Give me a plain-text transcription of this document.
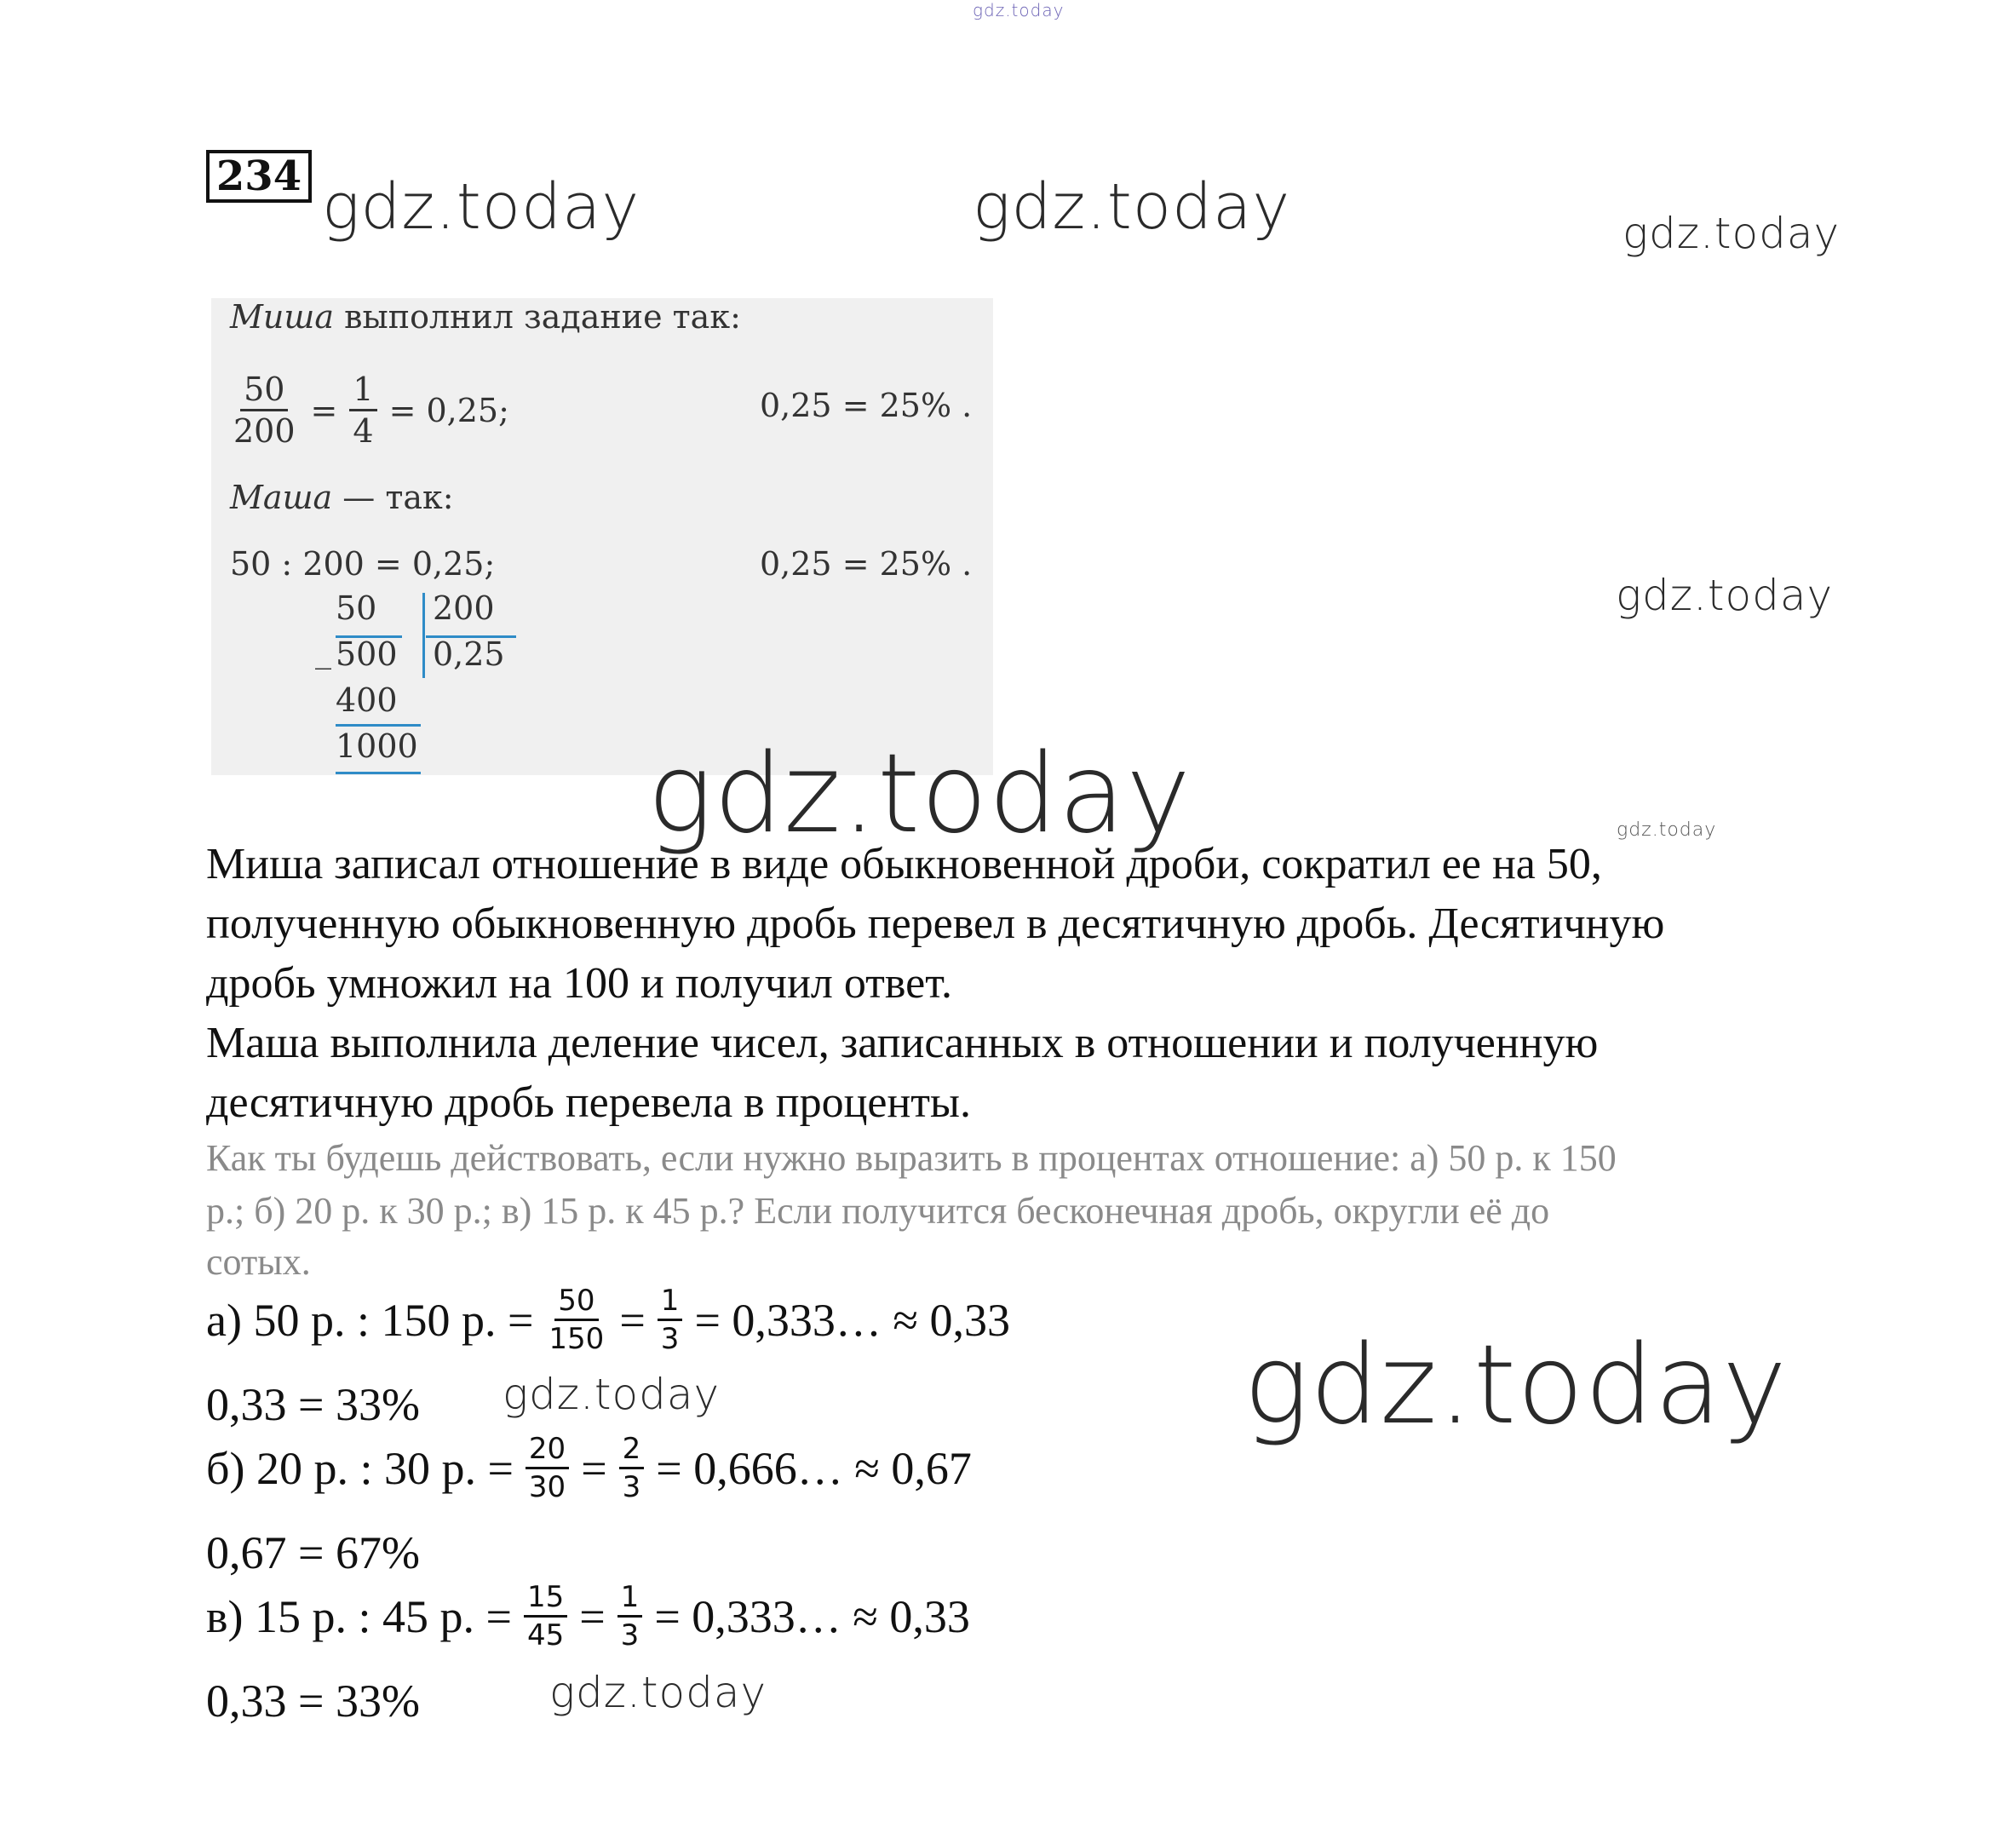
gdz.today
gdz.today	gdz.today	gdz.today
gdz.today
234
Миша выполнил задание так:
$\frac{50}{200} = \frac{1}{4} = 0,25$;	0,25 = 25% .
Маша — так:
50 : 200 = 0,25;	0,25 = 25% .
50 200
_ 500 0,25
400
1000 gdz.today	gdz.today
Миша записал отношение в виде обыкновенной дроби, сократил ее на 50,
полученную обыкновенную дробь перевел в десятичную дробь. Десятичную
дробь умножил на 100 и получил ответ.
Маша выполнила деление чисел, записанных в отношении и полученную
десятичную дробь перевела в проценты.
Как ты будешь действовать, если нужно выразить в процентах отношение: а) 50 р. к 150
р.; б) 20 р. к 30 р.; в) 15 р. к 45 р.? Если получится бесконечная дробь, округли её до
сотых.
а) 50 р. : 150 р. = $\frac{50}{150} = \frac{1}{3}$ = 0,333… ≈ 0,33
0,33 = 33% gdz.today	gdz.today
б) 20 р. : 30 р. = $\frac{20}{30} = \frac{2}{3}$ = 0,666… ≈ 0,67
0,67 = 67%
в) 15 р. : 45 р. = $\frac{15}{45} = \frac{1}{3}$ = 0,333… ≈ 0,33
0,33 = 33%	gdz.today
